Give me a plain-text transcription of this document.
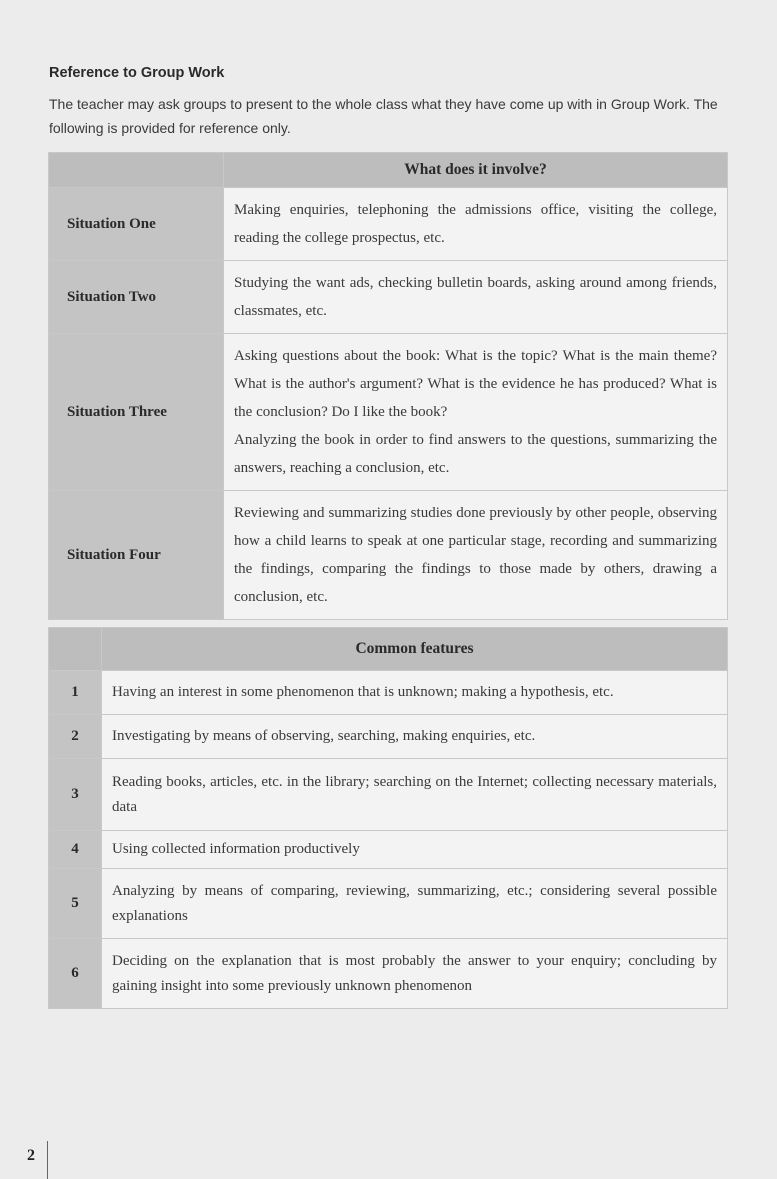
Reference to Group Work

The teacher may ask groups to present to the whole class what they have come up with in Group Work. The following is provided for reference only.

	What does it involve?
Situation One	Making enquiries, telephoning the admissions office, visiting the college, reading the college prospectus, etc.
Situation Two	Studying the want ads, checking bulletin boards, asking around among friends, classmates, etc.
Situation Three	Asking questions about the book: What is the topic? What is the main theme? What is the author's argument? What is the evidence he has produced? What is the conclusion? Do I like the book?
Analyzing the book in order to find answers to the questions, summarizing the answers, reaching a conclusion, etc.

Situation Four	Reviewing and summarizing studies done previously by other people, observing how a child learns to speak at one particular stage, recording and summarizing the findings, comparing the findings to those made by others, drawing a conclusion, etc.
	Common features
1	Having an interest in some phenomenon that is unknown; making a hypothesis, etc.
2	Investigating by means of observing, searching, making enquiries, etc.
3	Reading books, articles, etc. in the library; searching on the Internet; collecting necessary materials, data
4	Using collected information productively
5	Analyzing by means of comparing, reviewing, summarizing, etc.; considering several possible explanations
6	Deciding on the explanation that is most probably the answer to your enquiry; concluding by gaining insight into some previously unknown phenomenon
2
